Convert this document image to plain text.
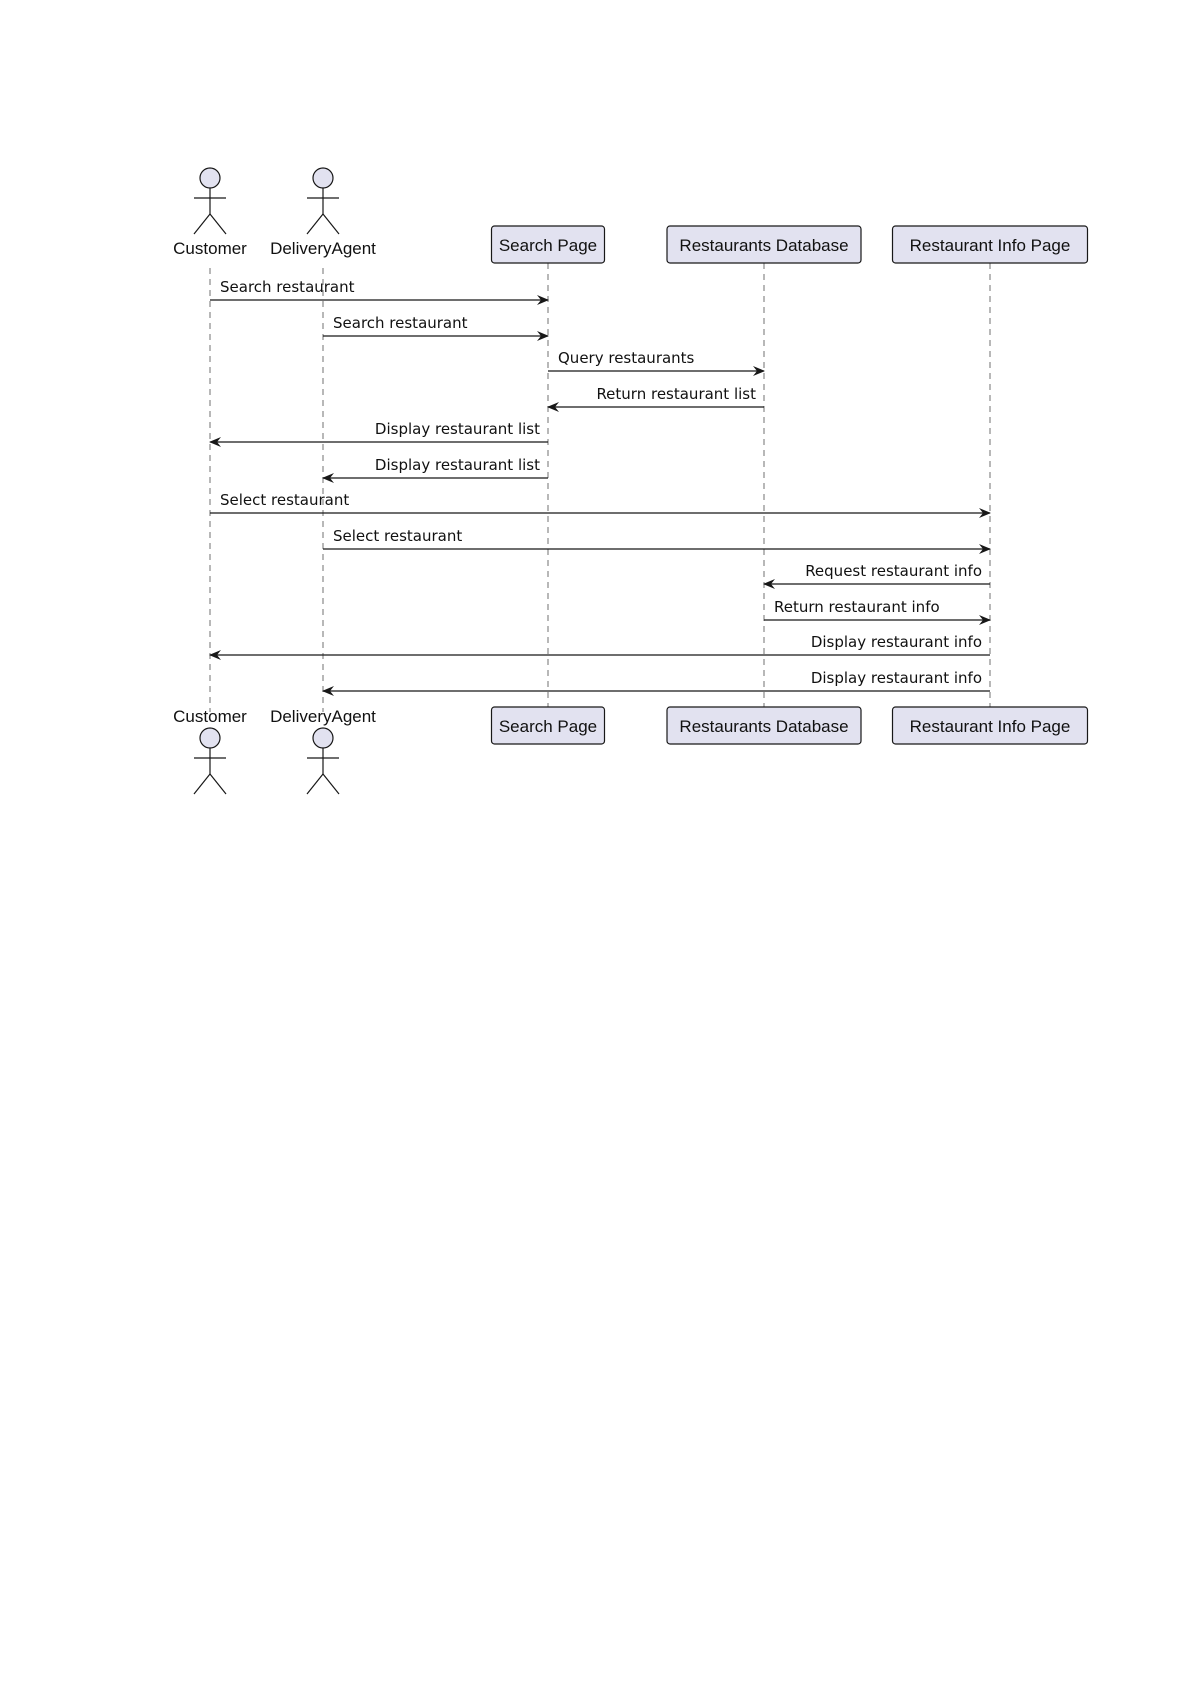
Customer DeliveryAgent	Search Page	Restaurants Database	Restaurant Info Page
Customer DeliveryAgent
Search Page	Restaurants Database	Restaurant Info Page
Search restaurant
Search restaurant
Query restaurants
Return restaurant list
Display restaurant list
Display restaurant list
Select restaurant
Select restaurant
Request restaurant info
Return restaurant info
Display restaurant info
Display restaurant info
